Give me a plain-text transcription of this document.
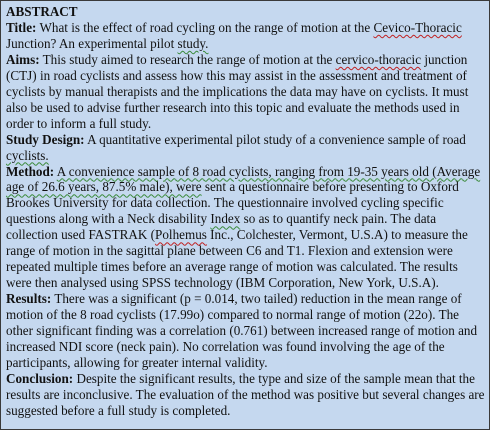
ABSTRACT

Title: What is the effect of road cycling on the range of motion at the Cevico-Thoracic Junction? An experimental pilot study.

Aims: This study aimed to research the range of motion at the cervico-thoracic junction (CTJ) in road cyclists and assess how this may assist in the assessment and treatment of cyclists by manual therapists and the implications the data may have on cyclists. It must also be used to advise further research into this topic and evaluate the methods used in order to inform a full study.

Study Design: A quantitative experimental pilot study of a convenience sample of road cyclists.

Method: A convenience sample of 8 road cyclists, ranging from 19-35 years old (Average age of 26.6 years, 87.5% male), were sent a questionnaire before presenting to Oxford Brookes University for data collection. The questionnaire involved cycling specific questions along with a Neck disability Index so as to quantify neck pain. The data collection used FASTRAK (Polhemus Inc., Colchester, Vermont, U.S.A) to measure the range of motion in the sagittal plane between C6 and T1. Flexion and extension were repeated multiple times before an average range of motion was calculated. The results were then analysed using SPSS technology (IBM Corporation, New York, U.S.A).

Results: There was a significant (p = 0.014, two tailed) reduction in the mean range of motion of the 8 road cyclists (17.99o) compared to normal range of motion (22o). The other significant finding was a correlation (0.761) between increased range of motion and increased NDI score (neck pain). No correlation was found involving the age of the participants, allowing for greater internal validity.

Conclusion: Despite the significant results, the type and size of the sample mean that the results are inconclusive. The evaluation of the method was positive but several changes are suggested before a full study is completed.
